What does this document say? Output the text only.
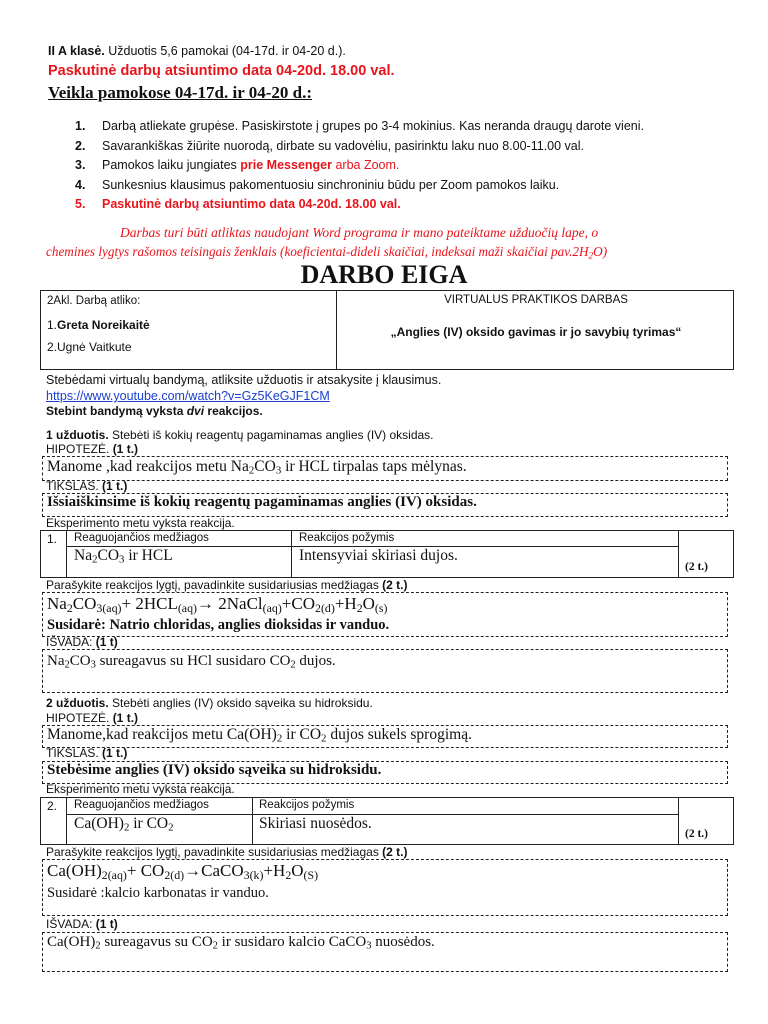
II A klasė. Užduotis 5,6 pamokai (04-17d. ir 04-20 d.).
Paskutinė darbų atsiuntimo data 04-20d. 18.00 val.
Veikla pamokose 04-17d. ir 04-20 d.:
1. Darbą atliekate grupėse. Pasiskirstote į grupes po 3-4 mokinius. Kas neranda draugų darote vieni.
2. Savarankiškas žiūrite nuorodą, dirbate su vadovėliu, pasirinktu laku nuo 8.00-11.00 val.
3. Pamokos laiku jungiates prie Messenger arba Zoom.
4. Sunkesnius klausimus pakomentuosiu sinchroniniu būdu per Zoom pamokos laiku.
5. Paskutinė darbų atsiuntimo data 04-20d. 18.00 val.
Darbas turi būti atliktas naudojant Word programa ir mano pateiktame užduočių lape, o
chemines lygtys rašomos teisingais ženklais (koeficientai-dideli skaičiai, indeksai maži skaičiai $pav.2H_2O$)
DARBO EIGA
2Akl. Darbą atliko:
1.Greta Noreikaitė
2.Ugnė Vaitkute
VIRTUALUS PRAKTIKOS DARBAS
„Anglies (IV) oksido gavimas ir jo savybių tyrimas“
Stebėdami virtualų bandymą, atliksite užduotis ir atsakysite į klausimus.
https://www.youtube.com/watch?v=Gz5KeGJF1CM
Stebint bandymą vyksta dvi reakcijos.
1 užduotis. Stebėti iš kokių reagentų pagaminamas anglies (IV) oksidas.
HIPOTEZĖ. (1 t.)
Manome ,kad reakcijos metu $Na_2CO_3$ ir HCL tirpalas taps mėlynas.
TIKSLAS. (1 t.)
Išsiaiškinsime iš kokių reagentų pagaminamas anglies (IV) oksidas.
Eksperimento metu vyksta reakcija.
1. Reaguojančios medžiagos	Reakcijos požymis
$Na_2CO_3$ ir HCL	Intensyviai skiriasi dujos.
(2 t.)
Parašykite reakcijos lygtį, pavadinkite susidariusias medžiagas (2 t.)
$Na_2CO_{3(aq)}+ 2HCL_{(aq)}\to$ $2NaCl_{(aq)}+CO_{2(d)}+H_2O_{(s)}$
Susidarė: Natrio chloridas, anglies dioksidas ir vanduo.
IŠVADA: (1 t)
$Na_2CO_3$ sureagavus su HCl susidaro $CO_2$ dujos.
2 užduotis. Stebėti anglies (IV) oksido sąveika su hidroksidu.
HIPOTEZĖ. (1 t.)
Manome,kad reakcijos metu $Ca(OH)_2$ ir $CO_2$ dujos sukels sprogimą.
TIKSLAS. (1 t.)
Stebėsime anglies (IV) oksido sąveika su hidroksidu.
Eksperimento metu vyksta reakcija.
2. Reaguojančios medžiagos	Reakcijos požymis
$Ca(OH)_2$ ir $CO_2$	Skiriasi nuosėdos.
(2 t.)
Parašykite reakcijos lygtį, pavadinkite susidariusias medžiagas (2 t.)
$Ca(OH)_{2(aq)}+$ $CO_{2(d)}\to CaCO_{3(k)}+H_2O_{(S)}$
Susidarė :kalcio karbonatas ir vanduo.
IŠVADA: (1 t)
$Ca(OH)_2$ sureagavus su $CO_2$ ir susidaro kalcio CaCO$_3$ nuosėdos.
